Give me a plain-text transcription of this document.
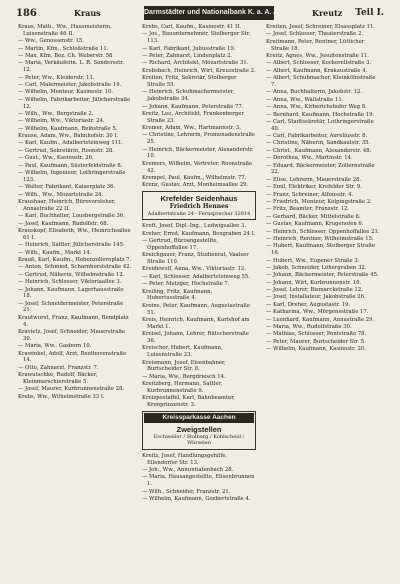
186	Kraus	Darmstädter und Nationalbank K. a. A. Aachen Kreutz Teil I.
Kraus, Math., Ww., Hausmeisterin, Luisenstraße 46 II.
— Ww., Genossenstr. 15.
— Martin, Kfm., Schloßstraße 11.
— Max, Kfm. Bez. Ch. Weberstr. 58
— Maria, Verkäuferin. L. R. Sondersstr. 12.
— Peter, Ww., Kleiderstr. 11.
— Carl, Malermeister, Jakobstraße 19.
— Wilhelm, Monteur, Kasinostr. 10.
— Wilhelm, Fabrikarbeiter, Jülicherstraße 12.
— Wilh., Ww., Bergstraße 2.
— Wilhelm, Ww., Viktoriastr. 24.
— Wilhelm, Kaufmann, Reihstraße 5.
Krause, Adam, Ww., Bahnhofstr. 30 I.
— Karl, Kaufm., Adalbertsteinweg 111.
— Gertrud, Sekretärin, Roonstr. 28.
— Gust., Ww., Kasinostr. 26.
— Paul, Kaufmann, Süsterfeldstraße 8.
— Wilhelm, Ingenieur, Lothringerstraße 123.
— Walter, Fabrikant, Kaiserplatz 36.
— Wilh., Ww., Mozartstraße 24.
Kraushaar, Heinrich, Bürovorsteher, Annastraße 22 II.
— Karl, Buchhalter, Lousbergstraße 36.
— Josef, Kaufmann, Rudolfstr. 68.
Krauskopf, Elisabeth, Ww., Heinrichsallee 61 I.
— Heinrich, Sattler, Jülicherstraße 145.
— Wilh., Kaufm., Markt 14.
Krauß, Karl, Kaufm., Hohenzollernplatz 7.
— Anton, Schmied, Scharnhorststraße 42.
— Gertrud, Näherin, Wilhelmstraße 12.
— Heinrich, Schlosser, Viktoriaallee 3.
— Johann, Kaufmann, Lagerhausstraße 18.
— Josef, Schneidermeister, Peterstraße 21.
Krautwurst, Franz, Kaufmann, Bendplatz 4.
Kravietz, Josef, Schneider, Mauerstraße 30.
— Maria, Ww., Gasborn 10.
Krawinkel, Adolf, Arzt, Beethovenstraße 14.
— Otto, Zahnarzt, Franzstr. 7.
Krawutschke, Rudolf, Bäcker, Kleinmarschierstraße 5.
— Josef, Maurer, Kurbrunnenstraße 28.
Krebs, Ww., Wilhelmstraße 33 I.
Krebs, Carl, Kaufm., Kasinostr. 41 II.
— Jos., Bauunternehmer, Stolberger Str. 113.
— Karl, Fabrikant, Juliusstraße 19.
— Peter, Zahnarzt, Lindenplatz 2.
— Richard, Architekt, Mozartstraße 31.
Krebsbach, Heinrich, Wirt, Kreuzstraße 2.
Kreiten, Fritz, Sekretär, Stolberger Straße 55.
— Heinrich, Schuhmachermeister, Jakobstraße 34.
— Johann, Kaufmann, Peterstraße 77.
Kreitz, Leo, Architekt, Frankenberger Straße 23.
Kremer, Adam, Ww., Hartmannstr. 3.
— Christine, Lehrerin, Promenadenstraße 25.
— Heinrich, Bäckermeister, Alexanderstr. 10.
Kremers, Wilhelm, Vertreter, Roonstraße 42.
Krempel, Paul, Kaufm., Wilhelmstr. 77.
Krenz, Gustav, Arzt, Monheimsallee 29.
Krefelder Seidenhaus
Friedrich Hennes
Adalbertstraße 24 · Fernsprecher 32814
Kreft, Josef, Dipl.-Ing., Ludwigsallee 3.
Kreher, Ernst, Kaufmann, Boxgraben 24 I.
— Gertrud, Büroangestellte, Oppenhoffallee 17.
Kreichgauer, Franz, Studienrat, Vaalser Straße 110.
Kreidewolf, Anna, Ww., Viktoriastr. 12.
— Karl, Schlosser, Adalbertsteinweg 55.
— Peter, Metzger, Hochstraße 7.
Kreiling, Fritz, Kaufmann, Hubertusstraße 4.
Kreins, Peter, Kaufmann, Augustastraße 51.
Kreis, Heinrich, Kaufmann, Karlshof am Markt 1.
Kreisel, Johann, Lehrer, Rütscherstraße 36.
Kreischer, Hubert, Kaufmann, Luisenstraße 23.
Kreismann, Josef, Eisenbahner, Burtscheider Str. 8.
— Maria, Ww., Bergdriesch 14.
Kreitzberg, Hermann, Sattler, Kurbrunnenstraße 9.
Kreizpostaffel, Karl, Bahnbeamter, Kronprinzenstr. 3.
Kreissparkasse Aachen
Zweigstellen
Eschweiler / Stolberg / Kohlscheid / Würselen
Kreitz, Josef, Handlungsgehilfe, Eilendorfer Str. 13.
— Joh., Ww., Annuntiatenbach 28.
— Maria, Hausangestellte, Elisenbrunnen 1.
— Wilh., Schneider, Franzstr. 21.
— Wilhelm, Kaufmann, Gozbertstraße 4.
Kreiten, Josef, Schreiner, Elsassplatz 11.
— Josef, Schlosser, Theaterstraße 2.
Kreitmann, Peter, Rentner, Lütticher Straße 18.
Kreitz, Agnes, Ww., Jesuitenstraße 11.
— Albert, Schlosser, Kockerellstraße 3.
— Albert, Kaufmann, Krakaustraße 4.
— Albert, Schuhmacher, Kleinkölnstraße 7.
— Anna, Buchhalterin, Jakobstr. 12.
— Anna, Ww., Wallstraße 11.
— Anna, Ww., Kirberichshofer Weg 8.
— Bernhard, Kaufmann, Hochstraße 19.
— Carl, Stadtsekretär, Lothringerstraße 40.
— Carl, Fabrikarbeiter, Aureliusstr. 8.
— Christine, Näherin, Sandkaulstr. 35.
— Christ., Kaufmann, Alexanderstr. 48.
— Dorothea, Ww., Martinstr. 14.
— Eduard, Bäckermeister, Zollernstraße 22.
— Elise, Lehrerin, Mauerstraße 28.
— Emil, Elektriker, Krefelder Str. 9.
— Franz, Schreiner, Alfonsstr. 4.
— Friedrich, Monteur, Kolpingstraße 2.
— Fritz, Beamter, Franzstr. 12.
— Gerhard, Bäcker, Mittelstraße 8.
— Gustav, Kaufmann, Krugenofen 6.
— Heinrich, Schlosser, Oppenhoffallee 21.
— Heinrich, Rentner, Wilhelmstraße 15.
— Hubert, Kaufmann, Stolberger Straße 16.
— Hubert, Ww., Eupener Straße 3.
— Jakob, Schneider, Löhergraben 32.
— Johann, Bäckermeister, Peterstraße 45.
— Johann, Wirt, Kurbrunnenstr. 10.
— Josef, Lehrer, Bismarckstraße 12.
— Josef, Installateur, Jakobstraße 26.
— Karl, Dreher, Augustastr. 19.
— Katharina, Ww., Mörgensstraße 17.
— Leonhard, Kaufmann, Annastraße 29.
— Maria, Ww., Rudolfstraße 30.
— Mathias, Schlosser, Pontstraße 78.
— Peter, Maurer, Burtscheider Str. 5.
— Wilhelm, Kaufmann, Kasinostr. 20.
